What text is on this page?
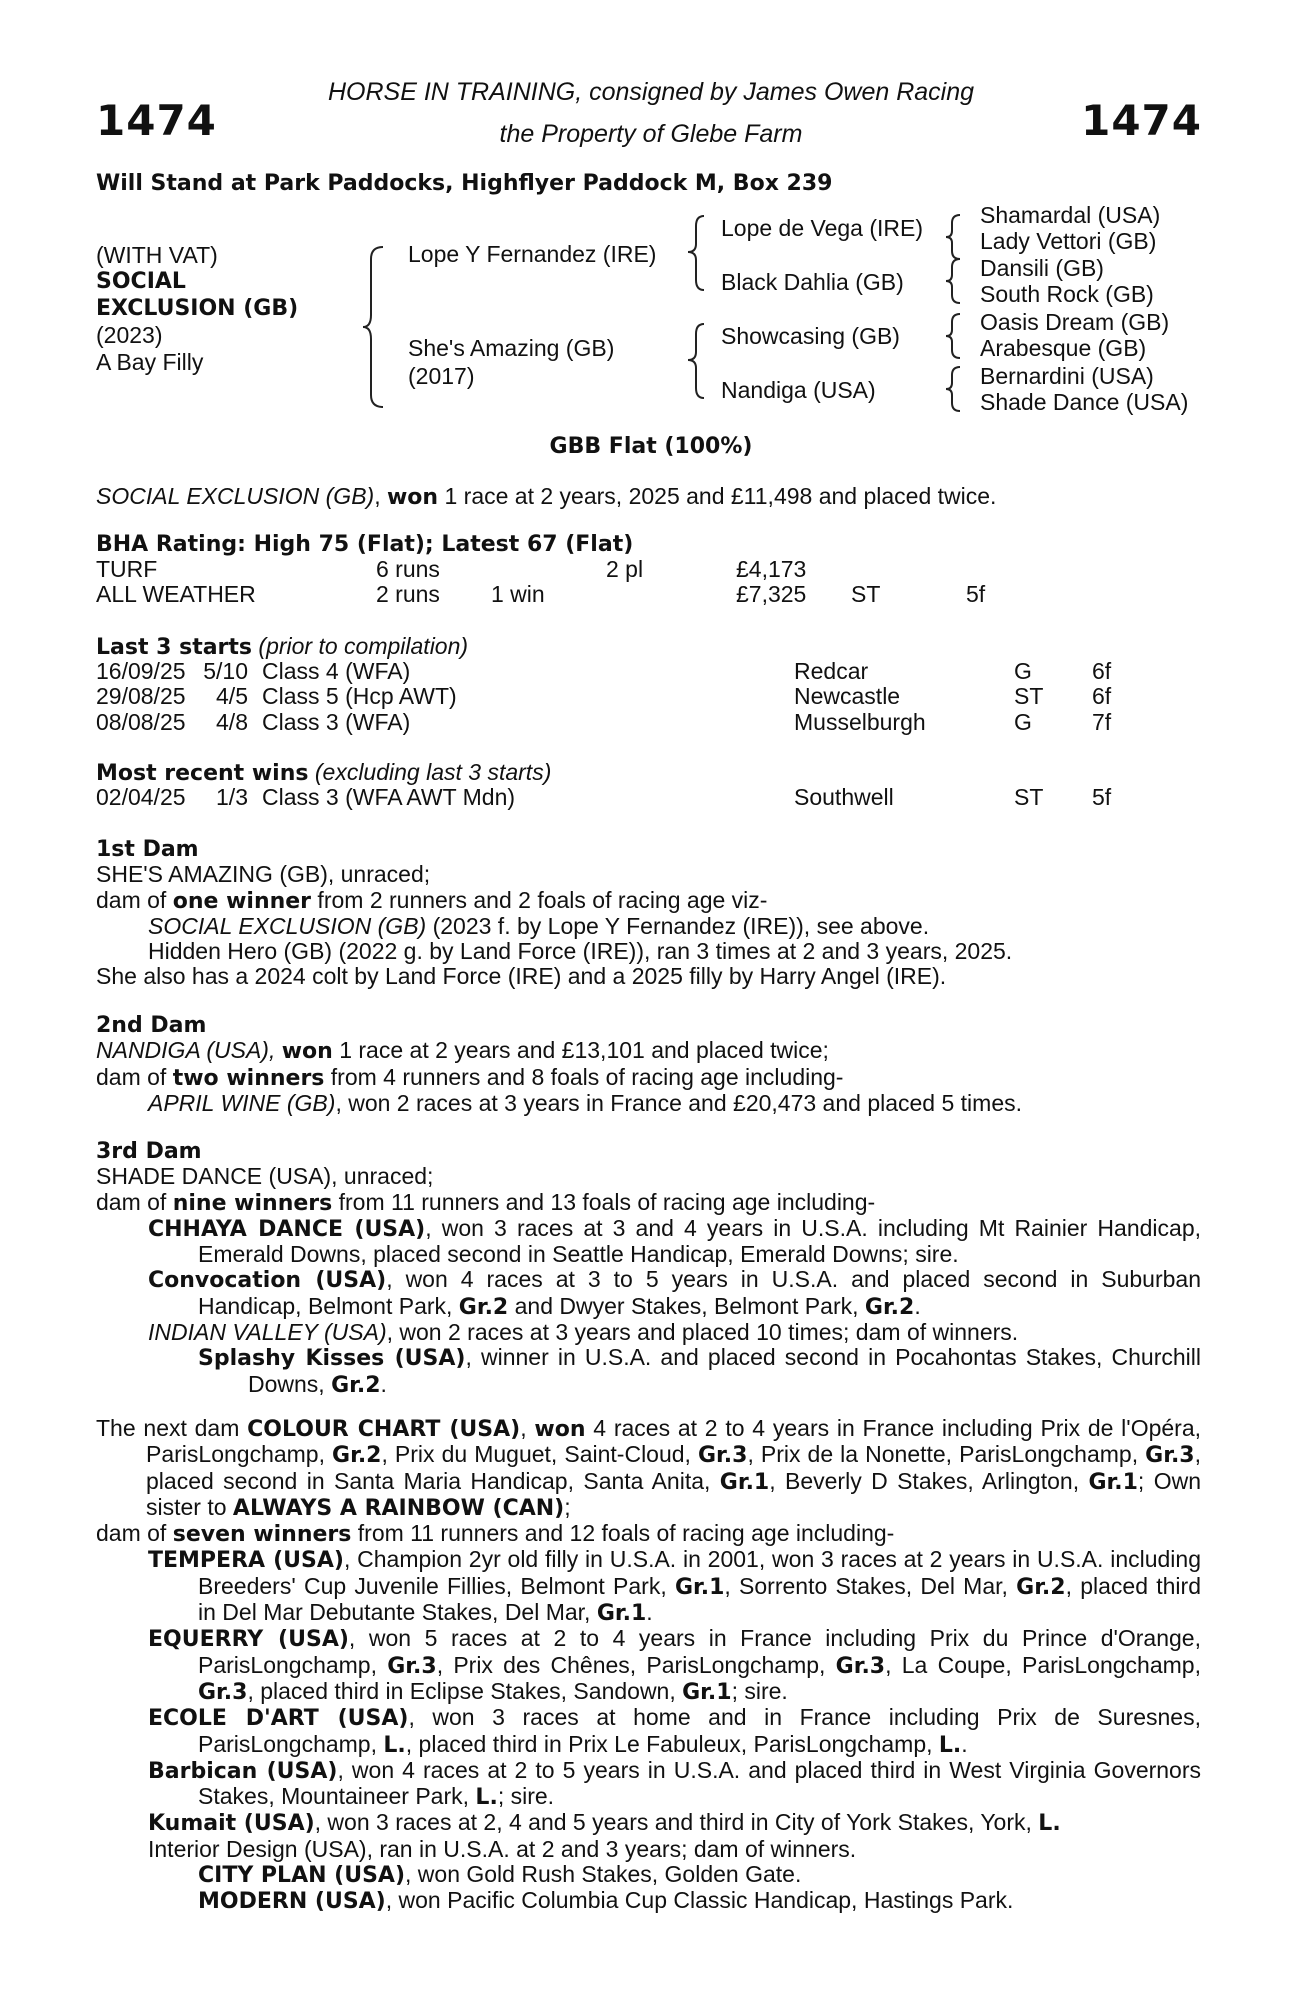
1474	1474
HORSE IN TRAINING, consigned by James Owen Racing
the Property of Glebe Farm
Will Stand at Park Paddocks, Highflyer Paddock M, Box 239
(WITH VAT)
SOCIAL
EXCLUSION (GB)
(2023)
A Bay Filly
Lope Y Fernandez (IRE)
She's Amazing (GB)
(2017)
Lope de Vega (IRE)
Black Dahlia (GB)
Showcasing (GB)
Nandiga (USA)
Shamardal (USA)
Lady Vettori (GB)
Dansili (GB)
South Rock (GB)
Oasis Dream (GB)
Arabesque (GB)
Bernardini (USA)
Shade Dance (USA)
GBB Flat (100%)
SOCIAL EXCLUSION (GB), won 1 race at 2 years, 2025 and £11,498 and placed twice.
BHA Rating: High 75 (Flat); Latest 67 (Flat)
TURF	6 runs		2 pl	£4,173		
ALL WEATHER	2 runs	1 win		£7,325	ST	5f
Last 3 starts (prior to compilation)
16/09/25	5/10	Class 4 (WFA)	Redcar	G	6f
29/08/25	4/5	Class 5 (Hcp AWT)	Newcastle	ST	6f
08/08/25	4/8	Class 3 (WFA)	Musselburgh	G	7f
Most recent wins (excluding last 3 starts)
02/04/25	1/3	Class 3 (WFA AWT Mdn)	Southwell	ST	5f
1st Dam
SHE'S AMAZING (GB), unraced;
dam of one winner from 2 runners and 2 foals of racing age viz-
SOCIAL EXCLUSION (GB) (2023 f. by Lope Y Fernandez (IRE)), see above.
Hidden Hero (GB) (2022 g. by Land Force (IRE)), ran 3 times at 2 and 3 years, 2025.
She also has a 2024 colt by Land Force (IRE) and a 2025 filly by Harry Angel (IRE).
2nd Dam
NANDIGA (USA), won 1 race at 2 years and £13,101 and placed twice;
dam of two winners from 4 runners and 8 foals of racing age including-
APRIL WINE (GB), won 2 races at 3 years in France and £20,473 and placed 5 times.
3rd Dam
SHADE DANCE (USA), unraced;
dam of nine winners from 11 runners and 13 foals of racing age including-
CHHAYA DANCE (USA), won 3 races at 3 and 4 years in U.S.A. including Mt Rainier Handicap, Emerald Downs, placed second in Seattle Handicap, Emerald Downs; sire.
Convocation (USA), won 4 races at 3 to 5 years in U.S.A. and placed second in Suburban Handicap, Belmont Park, Gr.2 and Dwyer Stakes, Belmont Park, Gr.2.
INDIAN VALLEY (USA), won 2 races at 3 years and placed 10 times; dam of winners.
Splashy Kisses (USA), winner in U.S.A. and placed second in Pocahontas Stakes, Churchill Downs, Gr.2.
The next dam COLOUR CHART (USA), won 4 races at 2 to 4 years in France including Prix de l'Opéra, ParisLongchamp, Gr.2, Prix du Muguet, Saint-Cloud, Gr.3, Prix de la Nonette, ParisLongchamp, Gr.3, placed second in Santa Maria Handicap, Santa Anita, Gr.1, Beverly D Stakes, Arlington, Gr.1; Own sister to ALWAYS A RAINBOW (CAN);
dam of seven winners from 11 runners and 12 foals of racing age including-
TEMPERA (USA), Champion 2yr old filly in U.S.A. in 2001, won 3 races at 2 years in U.S.A. including Breeders' Cup Juvenile Fillies, Belmont Park, Gr.1, Sorrento Stakes, Del Mar, Gr.2, placed third in Del Mar Debutante Stakes, Del Mar, Gr.1.
EQUERRY (USA), won 5 races at 2 to 4 years in France including Prix du Prince d'Orange, ParisLongchamp, Gr.3, Prix des Chênes, ParisLongchamp, Gr.3, La Coupe, ParisLongchamp, Gr.3, placed third in Eclipse Stakes, Sandown, Gr.1; sire.
ECOLE D'ART (USA), won 3 races at home and in France including Prix de Suresnes, ParisLongchamp, L., placed third in Prix Le Fabuleux, ParisLongchamp, L..
Barbican (USA), won 4 races at 2 to 5 years in U.S.A. and placed third in West Virginia Governors Stakes, Mountaineer Park, L.; sire.
Kumait (USA), won 3 races at 2, 4 and 5 years and third in City of York Stakes, York, L.
Interior Design (USA), ran in U.S.A. at 2 and 3 years; dam of winners.
CITY PLAN (USA), won Gold Rush Stakes, Golden Gate.
MODERN (USA), won Pacific Columbia Cup Classic Handicap, Hastings Park.
